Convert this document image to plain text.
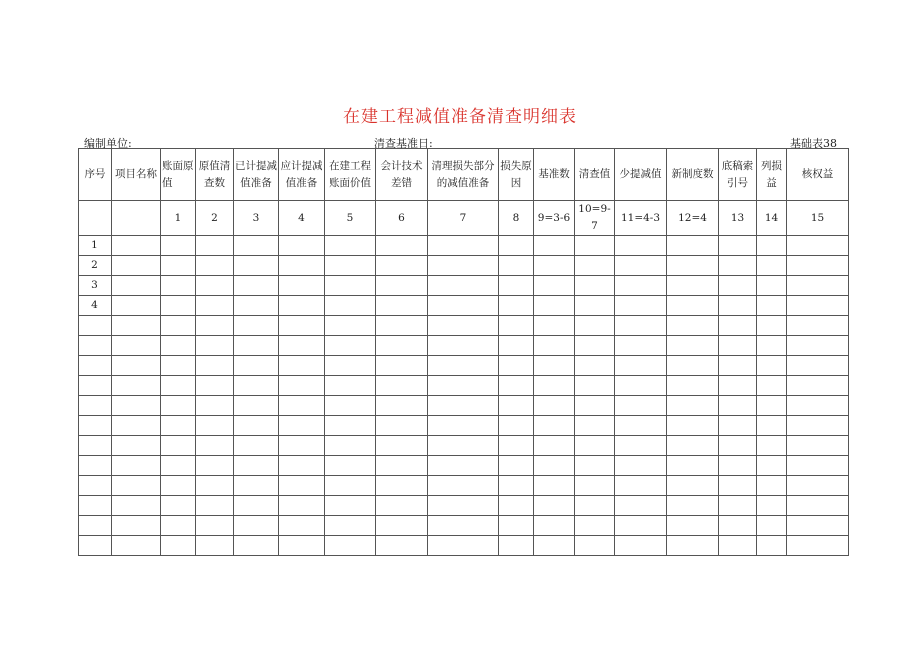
在建工程减值准备清查明细表
编制单位:	清查基准日:	基础表38
序号	项目名称	账面原值	原值清查数	已计提减值准备	应计提减值准备	在建工程账面价值	会计技术差错	清理损失部分的减值准备	损失原因	基准数	清查值	少提减值	新制度数	底稿索引号	列损益	核权益
		1	2	3	4	5	6	7	8	9=3-6	10=9-7	11=4-3	12=4	13	14	15
1																
2																
3																
4																
